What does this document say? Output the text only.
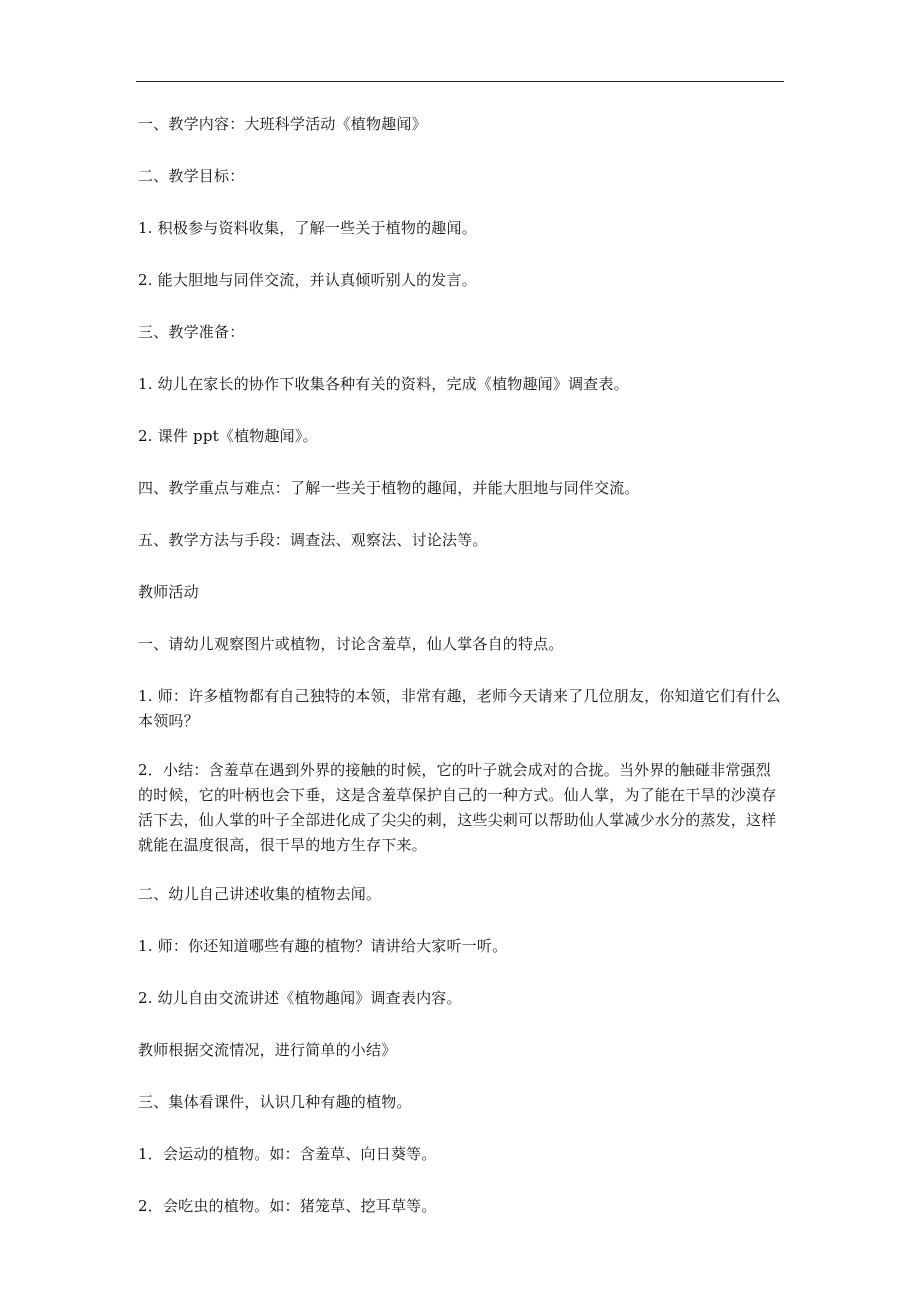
一、教学内容：大班科学活动《植物趣闻》

二、教学目标：

1. 积极参与资料收集，了解一些关于植物的趣闻。

2. 能大胆地与同伴交流，并认真倾听别人的发言。

三、教学准备：

1. 幼儿在家长的协作下收集各种有关的资料，完成《植物趣闻》调查表。

2. 课件 ppt《植物趣闻》。

四、教学重点与难点：了解一些关于植物的趣闻，并能大胆地与同伴交流。

五、教学方法与手段：调查法、观察法、讨论法等。

教师活动

一、请幼儿观察图片或植物，讨论含羞草，仙人掌各自的特点。

1. 师：许多植物都有自己独特的本领，非常有趣，老师今天请来了几位朋友，你知道它们有什么本领吗？

2．小结：含羞草在遇到外界的接触的时候，它的叶子就会成对的合拢。当外界的触碰非常强烈的时候，它的叶柄也会下垂，这是含羞草保护自己的一种方式。仙人掌，为了能在干旱的沙漠存活下去，仙人掌的叶子全部进化成了尖尖的刺，这些尖刺可以帮助仙人掌减少水分的蒸发，这样就能在温度很高，很干旱的地方生存下来。

二、幼儿自己讲述收集的植物去闻。

1. 师：你还知道哪些有趣的植物？请讲给大家听一听。

2. 幼儿自由交流讲述《植物趣闻》调查表内容。

教师根据交流情况，进行简单的小结》

三、集体看课件，认识几种有趣的植物。

1．会运动的植物。如：含羞草、向日葵等。

2．会吃虫的植物。如：猪笼草、挖耳草等。
